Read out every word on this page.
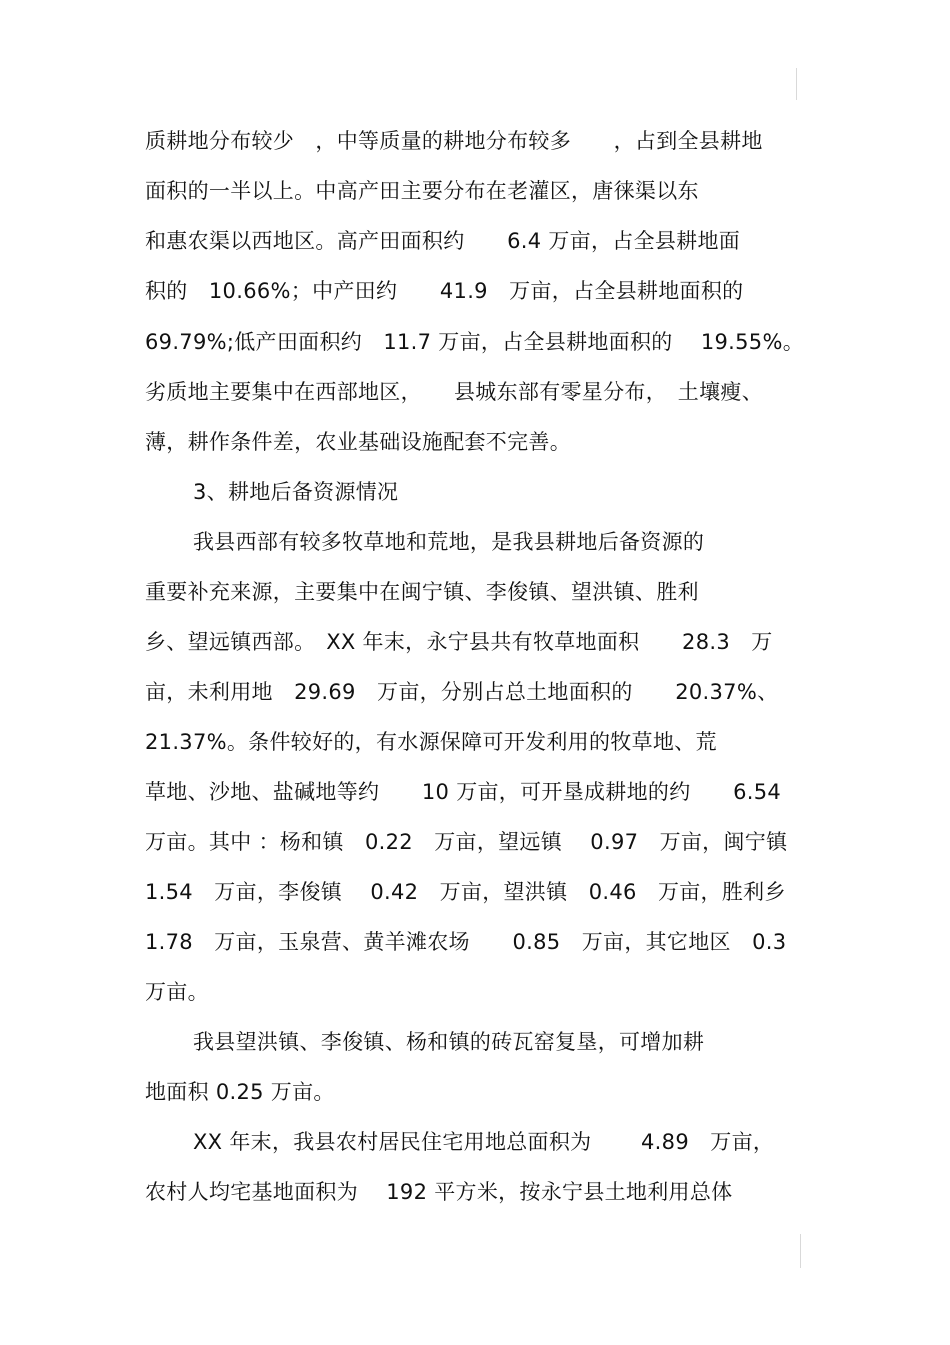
质耕地分布较少　，中等质量的耕地分布较多　　，占到全县耕地
面积的一半以上。中高产田主要分布在老灌区，唐徕渠以东
和惠农渠以西地区。高产田面积约　　6.4 万亩，占全县耕地面
积的　10.66%；中产田约　　41.9　万亩，占全县耕地面积的
69.79%;低产田面积约　11.7 万亩，占全县耕地面积的　 19.55%。
劣质地主要集中在西部地区，　　县城东部有零星分布，　土壤瘦、
薄，耕作条件差，农业基础设施配套不完善。
3、耕地后备资源情况
我县西部有较多牧草地和荒地，是我县耕地后备资源的
重要补充来源，主要集中在闽宁镇、李俊镇、望洪镇、胜利
乡、望远镇西部。　XX 年末，永宁县共有牧草地面积　　28.3　万
亩，未利用地　29.69　万亩，分别占总土地面积的　　20.37%、
21.37%。条件较好的，有水源保障可开发利用的牧草地、荒
草地、沙地、盐碱地等约　　10 万亩，可开垦成耕地的约　　6.54
万亩。其中 ：杨和镇　0.22　万亩，望远镇　 0.97　万亩，闽宁镇
1.54　万亩，李俊镇　 0.42　万亩，望洪镇　0.46　万亩，胜利乡
1.78　万亩，玉泉营、黄羊滩农场　　0.85　万亩，其它地区　0.3
万亩。
我县望洪镇、李俊镇、杨和镇的砖瓦窑复垦，可增加耕
地面积 0.25 万亩。
XX 年末，我县农村居民住宅用地总面积为　　 4.89　万亩，
农村人均宅基地面积为　 192 平方米，按永宁县土地利用总体
